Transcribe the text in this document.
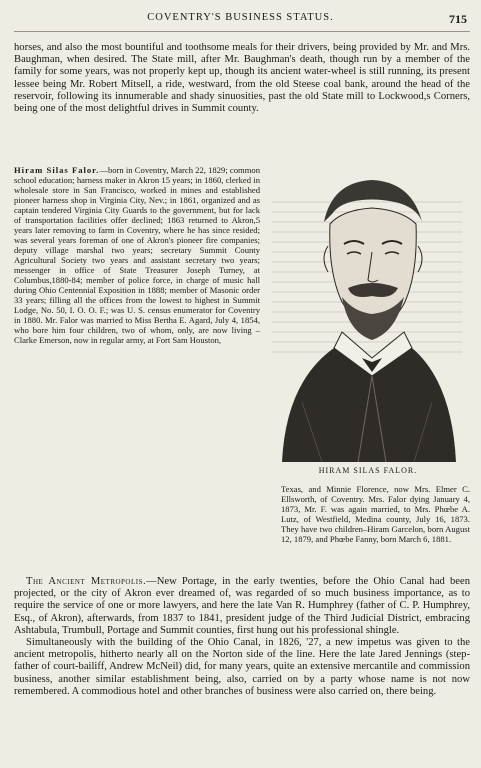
COVENTRY'S BUSINESS STATUS.	715

horses, and also the most bountiful and toothsome meals for their drivers, being provided by Mr. and Mrs. Baughman, when desired. The State mill, after Mr. Baughman's death, though run by a member of the family for some years, was not properly kept up, though its ancient water-wheel is still running, its present lessee being Mr. Robert Mitsell, a ride, westward, from the old Steese coal bank, around the head of the reservoir, following its innumerable and shady sinuosities, past the old State mill to Lockwood,s Corners, being one of the most delightful drives in Summit county.

Hiram Silas Falor.—born in Coventry, March 22, 1829; common school education; harness maker in Akron 15 years; in 1860, clerked in wholesale store in San Francisco, worked in mines and established pioneer harness shop in Virginia City, Nev.; in 1861, organized and as captain tendered Virginia City Guards to the government, but for lack of transportation facilities offer declined; 1863 returned to Akron,5 years later removing to farm in Coventry, where he has since resided; was several years foreman of one of Akron's pioneer fire companies; deputy village marshal two years; secretary Summit County Agricultural Society two years and assistant secretary two years; messenger in office of State Treasurer Joseph Turney, at Columbus,1880-84; member of police force, in charge of music hall during Ohio Centennial Exposition in 1888; member of Masonic order 33 years; filling all the offices from the lowest to highest in Summit Lodge, No. 50, I. O. O. F.; was U. S. census enumerator for Coventry in 1880. Mr. Falor was married to Miss Bertha E. Agard, July 4, 1854, who bore him four children, two of whom, only, are now living – Clarke Emerson, now in regular army, at Fort Sam Houston,

HIRAM SILAS FALOR.

Texas, and Minnie Florence, now Mrs. Elmer C. Ellsworth, of Coventry. Mrs. Falor dying January 4, 1873, Mr. F. was again married, to Mrs. Phœbe A. Lutz, of Westfield, Medina county, July 16, 1873. They have two children–Hiram Garcelon, born August 12, 1879, and Phœbe Fanny, born March 6, 1881.

The Ancient Metropolis.—New Portage, in the early twenties, before the Ohio Canal had been projected, or the city of Akron ever dreamed of, was regarded of so much business importance, as to require the service of one or more lawyers, and here the late Van R. Humphrey (father of C. P. Humphrey, Esq., of Akron), afterwards, from 1837 to 1841, president judge of the Third Judicial District, embracing Ashtabula, Trumbull, Portage and Summit counties, first hung out his professional shingle.

Simultaneously with the building of the Ohio Canal, in 1826, '27, a new impetus was given to the ancient metropolis, hitherto nearly all on the Norton side of the line. Here the late Jared Jennings (step-father of court-bailiff, Andrew McNeil) did, for many years, quite an extensive mercantile and commission business, another similar establishment being, also, carried on by a party whose name is not now remembered. A commodious hotel and other branches of business were also carried on, there being.
